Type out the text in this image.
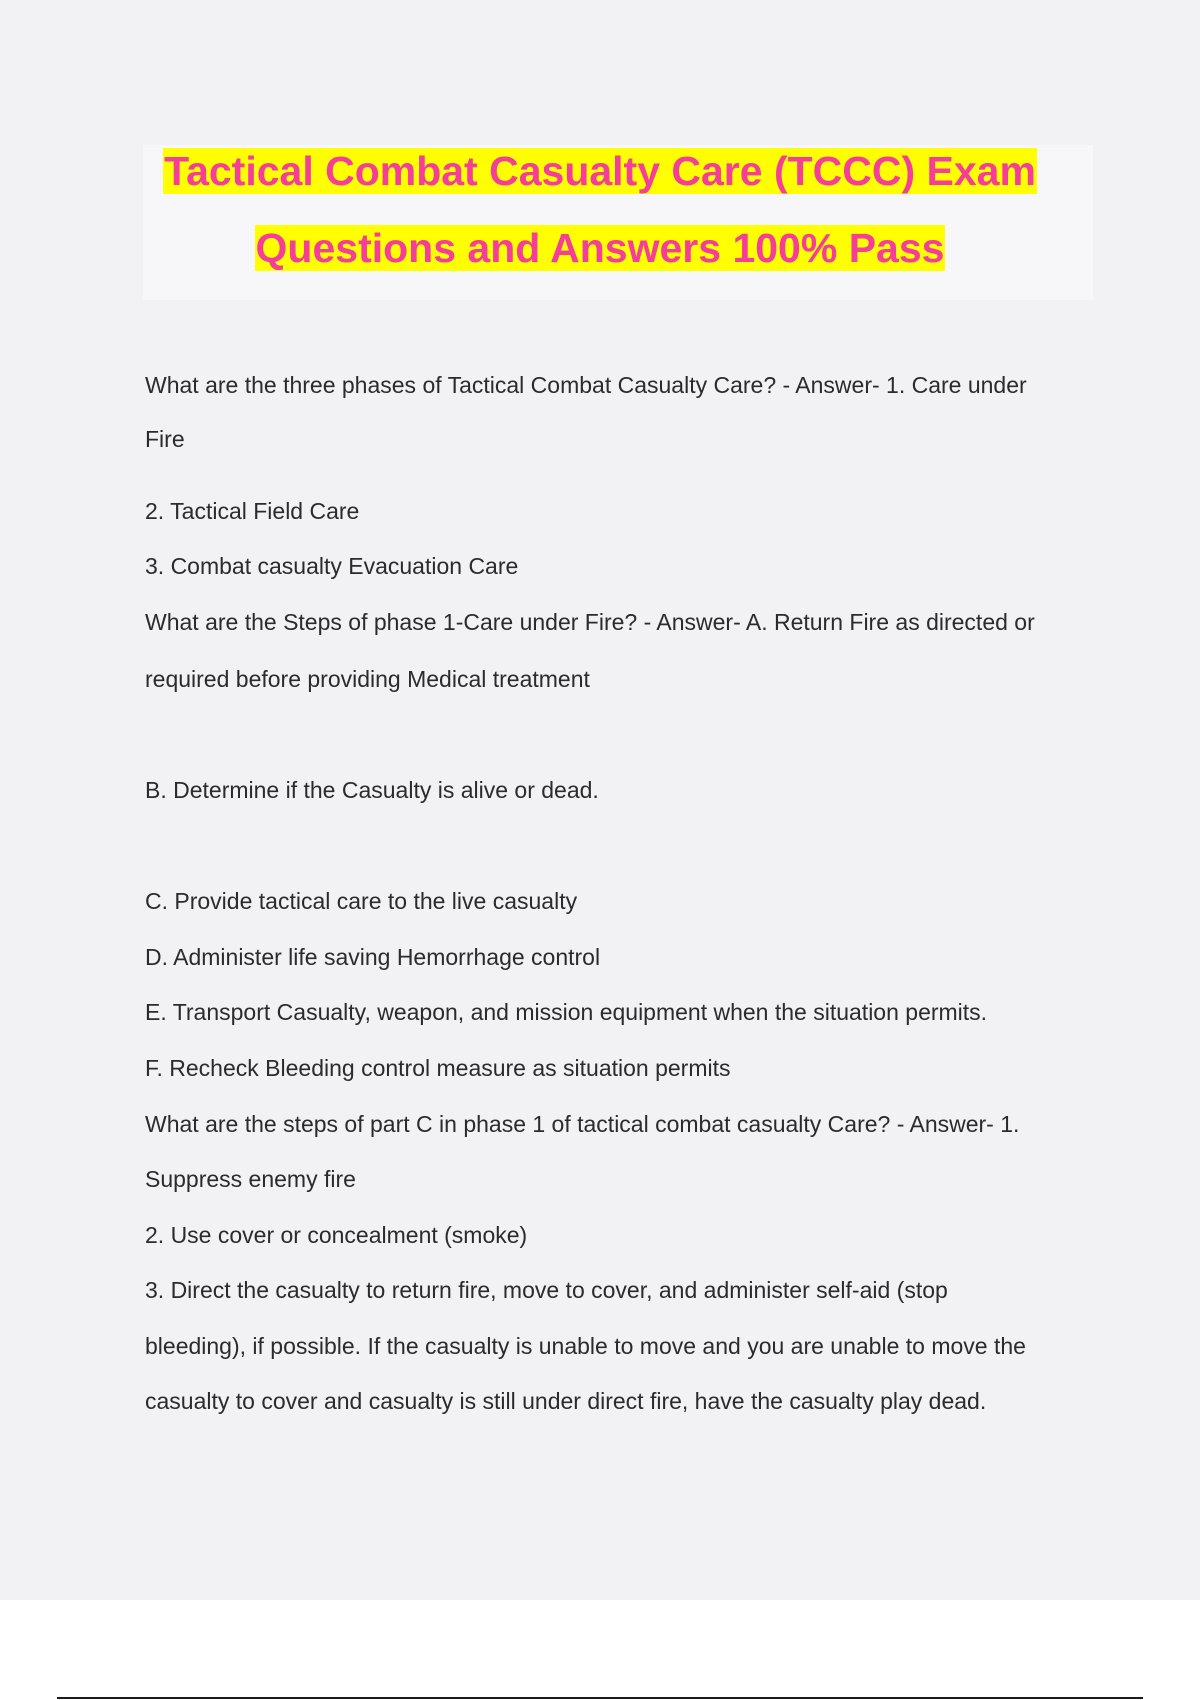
Tactical Combat Casualty Care (TCCC) Exam
Questions and Answers 100% Pass
What are the three phases of Tactical Combat Casualty Care? - Answer- 1. Care under
Fire
2. Tactical Field Care
3. Combat casualty Evacuation Care
What are the Steps of phase 1-Care under Fire? - Answer- A. Return Fire as directed or
required before providing Medical treatment
B. Determine if the Casualty is alive or dead.
C. Provide tactical care to the live casualty
D. Administer life saving Hemorrhage control
E. Transport Casualty, weapon, and mission equipment when the situation permits.
F. Recheck Bleeding control measure as situation permits
What are the steps of part C in phase 1 of tactical combat casualty Care? - Answer- 1.
Suppress enemy fire
2. Use cover or concealment (smoke)
3. Direct the casualty to return fire, move to cover, and administer self-aid (stop
bleeding), if possible. If the casualty is unable to move and you are unable to move the
casualty to cover and casualty is still under direct fire, have the casualty play dead.
